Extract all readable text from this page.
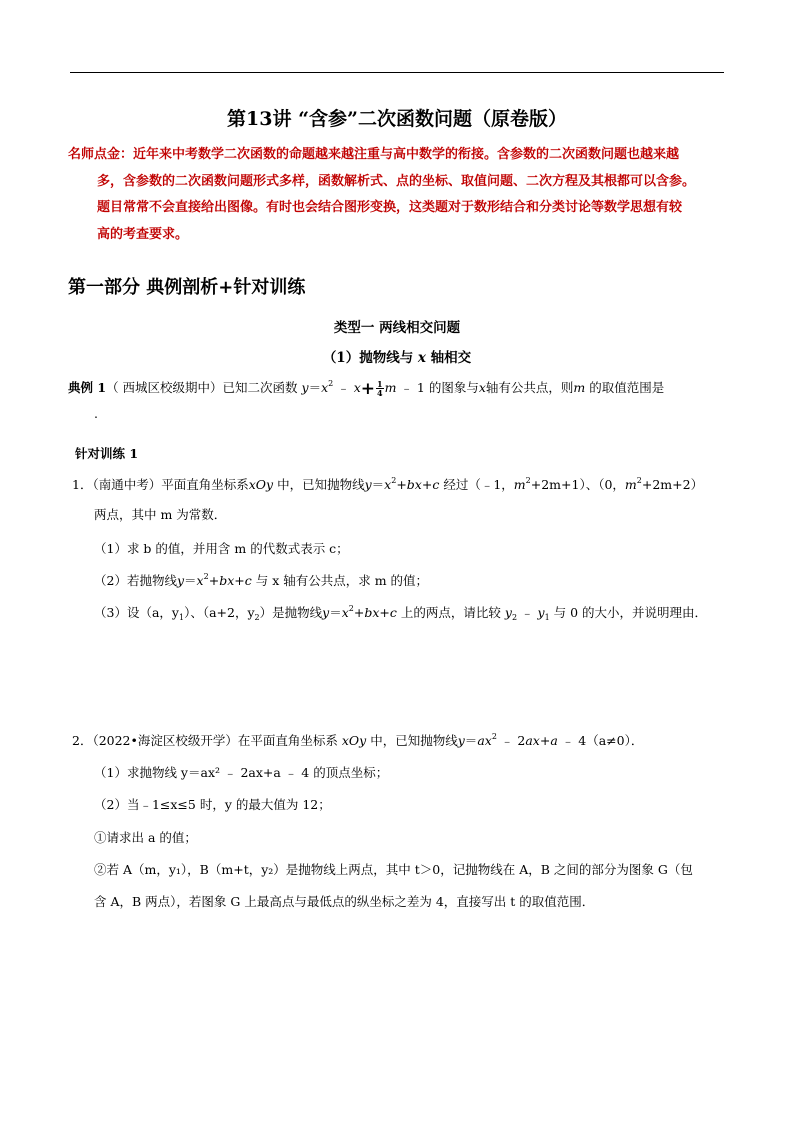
第13讲 “含参”二次函数问题（原卷版）
名师点金：近年来中考数学二次函数的命题越来越注重与高中数学的衔接。含参数的二次函数问题也越来越
多，含参数的二次函数问题形式多样，函数解析式、点的坐标、取值问题、二次方程及其根都可以含参。
题目常常不会直接给出图像。有时也会结合图形变换，这类题对于数形结合和分类讨论等数学思想有较
高的考查要求。
第一部分 典例剖析+针对训练
类型一 两线相交问题
（1）抛物线与 x 轴相交
典例 1（ 西城区校级期中）已知二次函数 $y=x^2$ ﹣ $x+ \frac{1}{4}$ m ﹣ 1 的图象与x轴有公共点，则m 的取值范围是
.
针对训练 1
1．（南通中考）平面直角坐标系xOy 中，已知抛物线$y=x^2+bx+c$ 经过（﹣1，$m^2+2m+1$）、（0，$m^2+2m+2$）
两点，其中 m 为常数．
（1）求 b 的值，并用含 m 的代数式表示 c；
（2）若抛物线$y=x^2+bx+c$ 与 x 轴有公共点，求 m 的值；
（3）设（a，$y_1$）、（a+2，$y_2$）是抛物线$y=x^2+bx+c$ 上的两点，请比较 $y_2$ ﹣ $y_1$ 与 0 的大小，并说明理由．
2．（2022•海淀区校级开学）在平面直角坐标系 xOy 中，已知抛物线$y=ax^2$ ﹣ 2ax+a ﹣ 4（a≠0）．
（1）求抛物线 y＝ax² ﹣ 2ax+a ﹣ 4 的顶点坐标；
（2）当﹣1≤x≤5 时，y 的最大值为 12；
①请求出 a 的值；
②若 A（m，y₁），B（m+t，y₂）是抛物线上两点，其中 t＞0，记抛物线在 A，B 之间的部分为图象 G（包
含 A，B 两点），若图象 G 上最高点与最低点的纵坐标之差为 4，直接写出 t 的取值范围．
